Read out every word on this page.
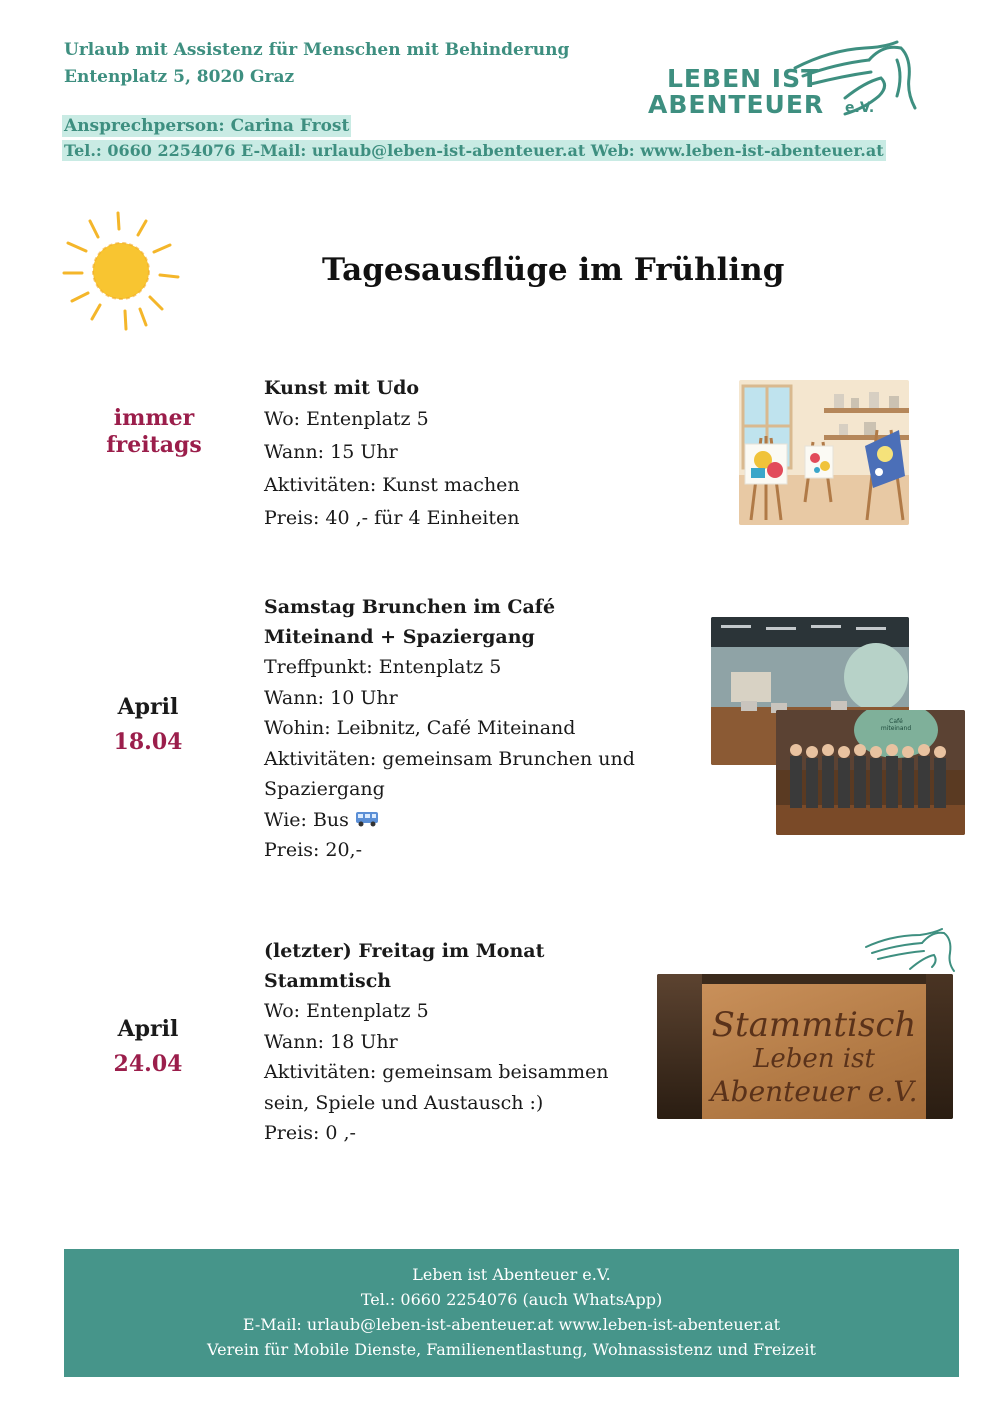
Urlaub mit Assistenz für Menschen mit Behinderung
Entenplatz 5, 8020 Graz
Ansprechperson: Carina Frost
Tel.: 0660 2254076 E-Mail: urlaub@leben-ist-abenteuer.at Web: www.leben-ist-abenteuer.at
LEBEN IST
ABENTEUER e.V.
Tagesausflüge im Frühling
immer
freitags
Kunst mit Udo
Wo: Entenplatz 5
Wann: 15 Uhr
Aktivitäten: Kunst machen
Preis: 40 ,- für 4 Einheiten
April
18.04
Samstag Brunchen im Café
Miteinand + Spaziergang
Treffpunkt: Entenplatz 5
Wann: 10 Uhr
Wohin: Leibnitz, Café Miteinand
Aktivitäten: gemeinsam Brunchen und
Spaziergang
Wie: Bus
Preis: 20,-
Café miteinand
April
24.04
(letzter) Freitag im Monat
Stammtisch
Wo: Entenplatz 5
Wann: 18 Uhr
Aktivitäten: gemeinsam beisammen
sein, Spiele und Austausch :)
Preis: 0 ,-
Stammtisch
Leben ist
Abenteuer e.V.
Leben ist Abenteuer e.V.
Tel.: 0660 2254076 (auch WhatsApp)
E-Mail: urlaub@leben-ist-abenteuer.at www.leben-ist-abenteuer.at
Verein für Mobile Dienste, Familienentlastung, Wohnassistenz und Freizeit
